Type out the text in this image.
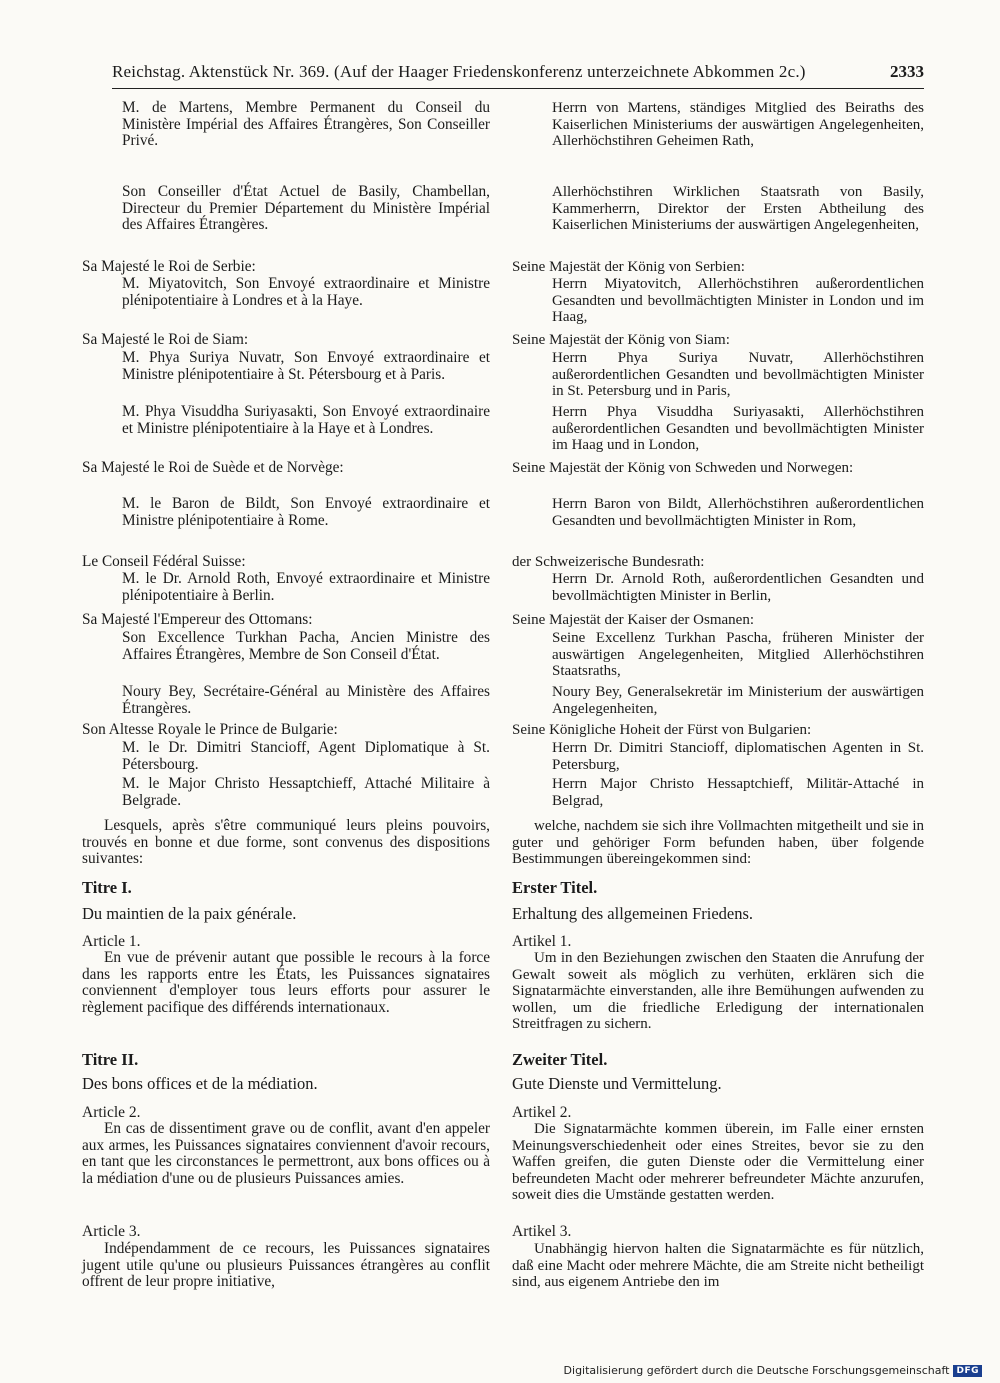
Reichstag. Aktenstück Nr. 369. (Auf der Haager Friedenskonferenz unterzeichnete Abkommen 2c.)	2333

M. de Martens, Membre Permanent du Conseil du Ministère Impérial des Affaires Étrangères, Son Conseiller Privé.

Son Conseiller d'État Actuel de Basily, Chambellan, Directeur du Premier Département du Ministère Impérial des Affaires Étrangères.

Sa Majesté le Roi de Serbie:

M. Miyatovitch, Son Envoyé extraordinaire et Ministre plénipotentiaire à Londres et à la Haye.

Sa Majesté le Roi de Siam:

M. Phya Suriya Nuvatr, Son Envoyé extraordinaire et Ministre plénipotentiaire à St. Pétersbourg et à Paris.

M. Phya Visuddha Suriyasakti, Son Envoyé extraordinaire et Ministre plénipotentiaire à la Haye et à Londres.

Sa Majesté le Roi de Suède et de Norvège:

M. le Baron de Bildt, Son Envoyé extraordinaire et Ministre plénipotentiaire à Rome.

Le Conseil Fédéral Suisse:

M. le Dr. Arnold Roth, Envoyé extraordinaire et Ministre plénipotentiaire à Berlin.

Sa Majesté l'Empereur des Ottomans:

Son Excellence Turkhan Pacha, Ancien Ministre des Affaires Étrangères, Membre de Son Conseil d'État.

Noury Bey, Secrétaire-Général au Ministère des Affaires Étrangères.

Son Altesse Royale le Prince de Bulgarie:

M. le Dr. Dimitri Stancioff, Agent Diplomatique à St. Pétersbourg.

M. le Major Christo Hessaptchieff, Attaché Militaire à Belgrade.

Lesquels, après s'être communiqué leurs pleins pouvoirs, trouvés en bonne et due forme, sont convenus des dispositions suivantes:

Titre I.

Du maintien de la paix générale.

Article 1.

En vue de prévenir autant que possible le recours à la force dans les rapports entre les États, les Puissances signataires conviennent d'employer tous leurs efforts pour assurer le règlement pacifique des différends internationaux.

Titre II.

Des bons offices et de la médiation.

Article 2.

En cas de dissentiment grave ou de conflit, avant d'en appeler aux armes, les Puissances signataires conviennent d'avoir recours, en tant que les circonstances le permettront, aux bons offices ou à la médiation d'une ou de plusieurs Puissances amies.

Article 3.

Indépendamment de ce recours, les Puissances signataires jugent utile qu'une ou plusieurs Puissances étrangères au conflit offrent de leur propre initiative,

Herrn von Martens, ständiges Mitglied des Beiraths des Kaiserlichen Ministeriums der auswärtigen Angelegenheiten, Allerhöchstihren Geheimen Rath,

Allerhöchstihren Wirklichen Staatsrath von Basily, Kammerherrn, Direktor der Ersten Abtheilung des Kaiserlichen Ministeriums der auswärtigen Angelegenheiten,

Seine Majestät der König von Serbien:

Herrn Miyatovitch, Allerhöchstihren außerordentlichen Gesandten und bevollmächtigten Minister in London und im Haag,

Seine Majestät der König von Siam:

Herrn Phya Suriya Nuvatr, Allerhöchstihren außerordentlichen Gesandten und bevollmächtigten Minister in St. Petersburg und in Paris,

Herrn Phya Visuddha Suriyasakti, Allerhöchstihren außerordentlichen Gesandten und bevollmächtigten Minister im Haag und in London,

Seine Majestät der König von Schweden und Norwegen:

Herrn Baron von Bildt, Allerhöchstihren außerordentlichen Gesandten und bevollmächtigten Minister in Rom,

der Schweizerische Bundesrath:

Herrn Dr. Arnold Roth, außerordentlichen Gesandten und bevollmächtigten Minister in Berlin,

Seine Majestät der Kaiser der Osmanen:

Seine Excellenz Turkhan Pascha, früheren Minister der auswärtigen Angelegenheiten, Mitglied Allerhöchstihren Staatsraths,

Noury Bey, Generalsekretär im Ministerium der auswärtigen Angelegenheiten,

Seine Königliche Hoheit der Fürst von Bulgarien:

Herrn Dr. Dimitri Stancioff, diplomatischen Agenten in St. Petersburg,

Herrn Major Christo Hessaptchieff, Militär-Attaché in Belgrad,

welche, nachdem sie sich ihre Vollmachten mitgetheilt und sie in guter und gehöriger Form befunden haben, über folgende Bestimmungen übereingekommen sind:

Erster Titel.

Erhaltung des allgemeinen Friedens.

Artikel 1.

Um in den Beziehungen zwischen den Staaten die Anrufung der Gewalt soweit als möglich zu verhüten, erklären sich die Signatarmächte einverstanden, alle ihre Bemühungen aufwenden zu wollen, um die friedliche Erledigung der internationalen Streitfragen zu sichern.

Zweiter Titel.

Gute Dienste und Vermittelung.

Artikel 2.

Die Signatarmächte kommen überein, im Falle einer ernsten Meinungsverschiedenheit oder eines Streites, bevor sie zu den Waffen greifen, die guten Dienste oder die Vermittelung einer befreundeten Macht oder mehrerer befreundeter Mächte anzurufen, soweit dies die Umstände gestatten werden.

Artikel 3.

Unabhängig hiervon halten die Signatarmächte es für nützlich, daß eine Macht oder mehrere Mächte, die am Streite nicht betheiligt sind, aus eigenem Antriebe den im

Digitalisierung gefördert durch die Deutsche Forschungsgemeinschaft DFG
